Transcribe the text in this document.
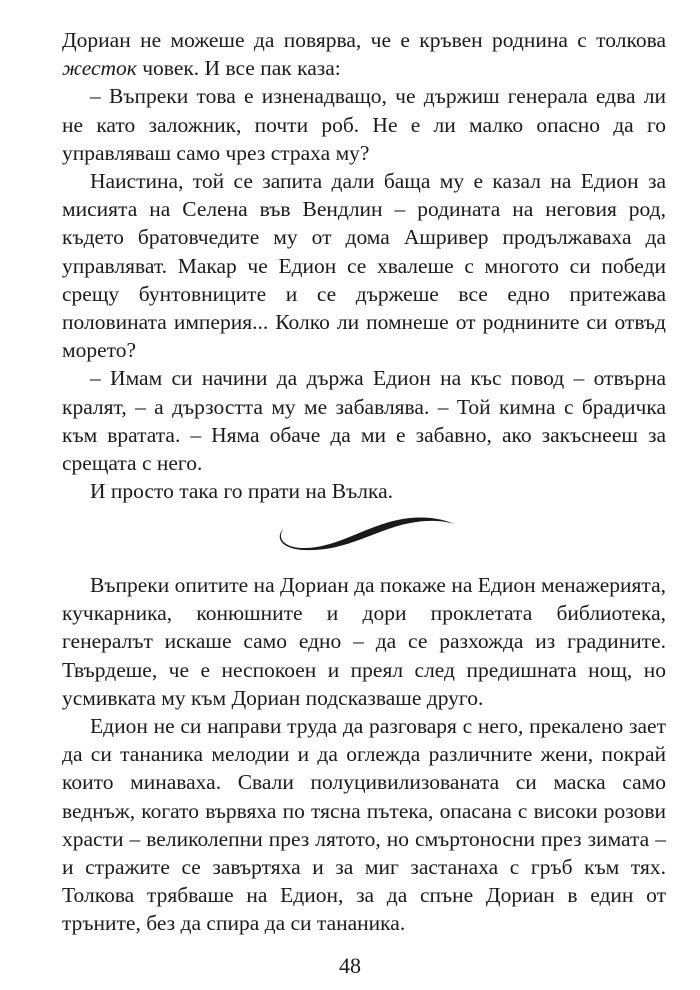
Дориан не можеше да повярва, че е кръвен роднина с толкова жесток човек. И все пак каза:

– Въпреки това е изненадващо, че държиш генерала едва ли не като заложник, почти роб. Не е ли малко опасно да го управляваш само чрез страха му?

Наистина, той се запита дали баща му е казал на Едион за мисията на Селена във Вендлин – родината на неговия род, където братовчедите му от дома Ашривер продължаваха да управляват. Макар че Едион се хвалеше с многото си победи срещу бунтовниците и се държеше все едно притежава половината империя... Колко ли помнеше от роднините си отвъд морето?

– Имам си начини да държа Едион на къс повод – отвърна кралят, – а дързостта му ме забавлява. – Той кимна с брадичка към вратата. – Няма обаче да ми е забавно, ако закъснееш за срещата с него.

И просто така го прати на Вълка.

Въпреки опитите на Дориан да покаже на Едион менажерията, кучкарника, конюшните и дори проклетата библиотека, генералът искаше само едно – да се разхожда из градините. Твърдеше, че е неспокоен и преял след предишната нощ, но усмивката му към Дориан подсказваше друго.

Едион не си направи труда да разговаря с него, прекалено зает да си тананика мелодии и да оглежда различните жени, покрай които минаваха. Свали полуцивилизованата си маска само веднъж, когато вървяха по тясна пътека, опасана с високи розови храсти – великолепни през лятото, но смъртоносни през зимата – и стражите се завъртяха и за миг застанаха с гръб към тях. Толкова трябваше на Едион, за да спъне Дориан в един от тръните, без да спира да си тананика.

48
